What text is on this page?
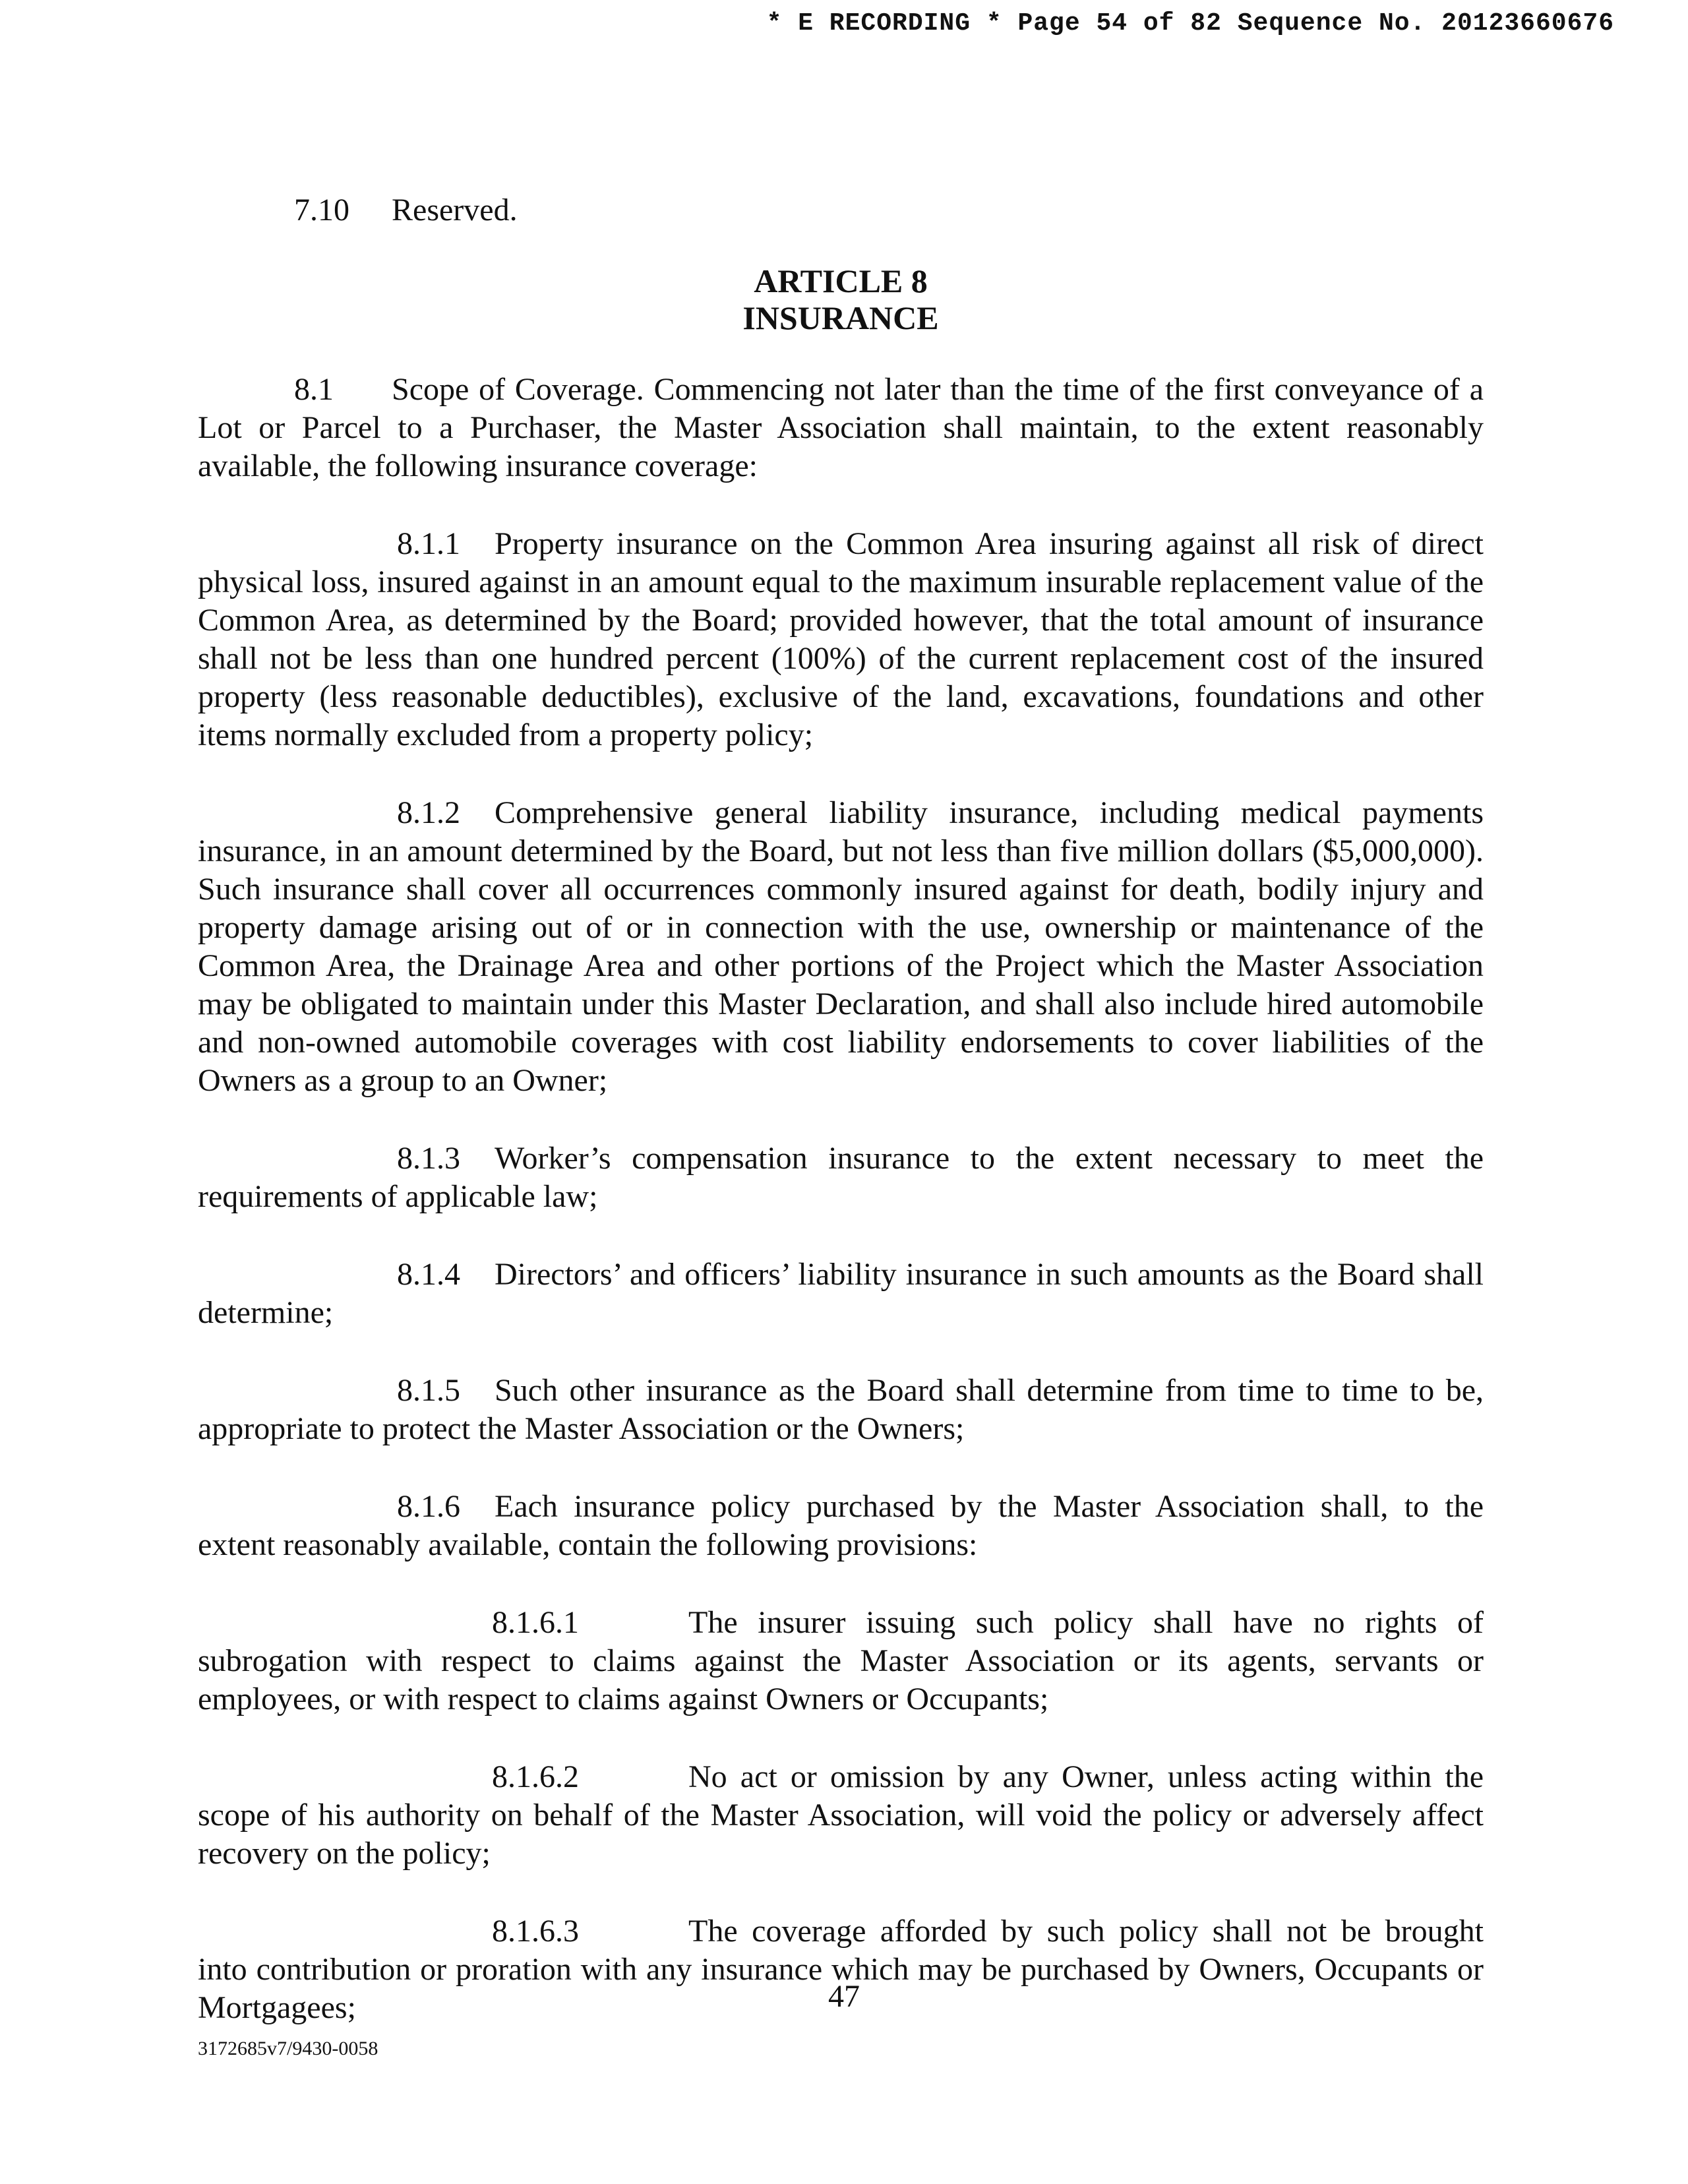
* E RECORDING * Page 54 of 82 Sequence No. 20123660676

7.10 Reserved.

ARTICLE 8
INSURANCE

8.1 Scope of Coverage. Commencing not later than the time of the first conveyance of a Lot or Parcel to a Purchaser, the Master Association shall maintain, to the extent reasonably available, the following insurance coverage:

8.1.1 Property insurance on the Common Area insuring against all risk of direct physical loss, insured against in an amount equal to the maximum insurable replacement value of the Common Area, as determined by the Board; provided however, that the total amount of insurance shall not be less than one hundred percent (100%) of the current replacement cost of the insured property (less reasonable deductibles), exclusive of the land, excavations, foundations and other items normally excluded from a property policy;

8.1.2 Comprehensive general liability insurance, including medical payments insurance, in an amount determined by the Board, but not less than five million dollars ($5,000,000). Such insurance shall cover all occurrences commonly insured against for death, bodily injury and property damage arising out of or in connection with the use, ownership or maintenance of the Common Area, the Drainage Area and other portions of the Project which the Master Association may be obligated to maintain under this Master Declaration, and shall also include hired automobile and non-owned automobile coverages with cost liability endorsements to cover liabilities of the Owners as a group to an Owner;

8.1.3 Worker’s compensation insurance to the extent necessary to meet the requirements of applicable law;

8.1.4 Directors’ and officers’ liability insurance in such amounts as the Board shall determine;

8.1.5 Such other insurance as the Board shall determine from time to time to be, appropriate to protect the Master Association or the Owners;

8.1.6 Each insurance policy purchased by the Master Association shall, to the extent reasonably available, contain the following provisions:

8.1.6.1	The insurer issuing such policy shall have no rights of subrogation with respect to claims against the Master Association or its agents, servants or employees, or with respect to claims against Owners or Occupants;

8.1.6.2	No act or omission by any Owner, unless acting within the scope of his authority on behalf of the Master Association, will void the policy or adversely affect recovery on the policy;

8.1.6.3	The coverage afforded by such policy shall not be brought into contribution or proration with any insurance which may be purchased by Owners, Occupants or Mortgagees;	47
3172685v7/9430-0058
